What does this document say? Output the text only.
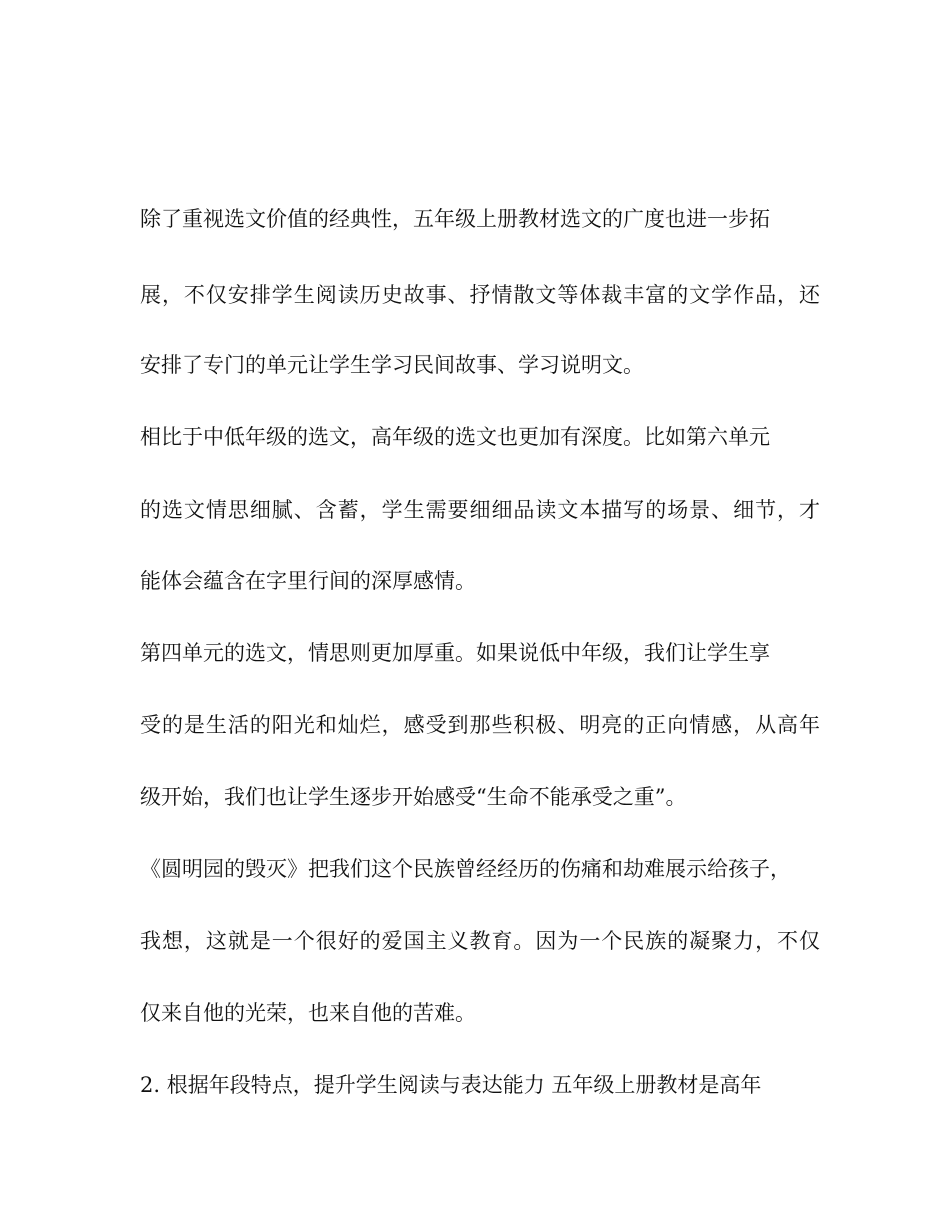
除了重视选文价值的经典性，五年级上册教材选文的广度也进一步拓
展，不仅安排学生阅读历史故事、抒情散文等体裁丰富的文学作品，还
安排了专门的单元让学生学习民间故事、学习说明文。
相比于中低年级的选文，高年级的选文也更加有深度。比如第六单元
的选文情思细腻、含蓄，学生需要细细品读文本描写的场景、细节，才
能体会蕴含在字里行间的深厚感情。
第四单元的选文，情思则更加厚重。如果说低中年级，我们让学生享
受的是生活的阳光和灿烂，感受到那些积极、明亮的正向情感，从高年
级开始，我们也让学生逐步开始感受“生命不能承受之重”。
《圆明园的毁灭》把我们这个民族曾经经历的伤痛和劫难展示给孩子，
我想，这就是一个很好的爱国主义教育。因为一个民族的凝聚力，不仅
仅来自他的光荣，也来自他的苦难。
2. 根据年段特点，提升学生阅读与表达能力 五年级上册教材是高年
